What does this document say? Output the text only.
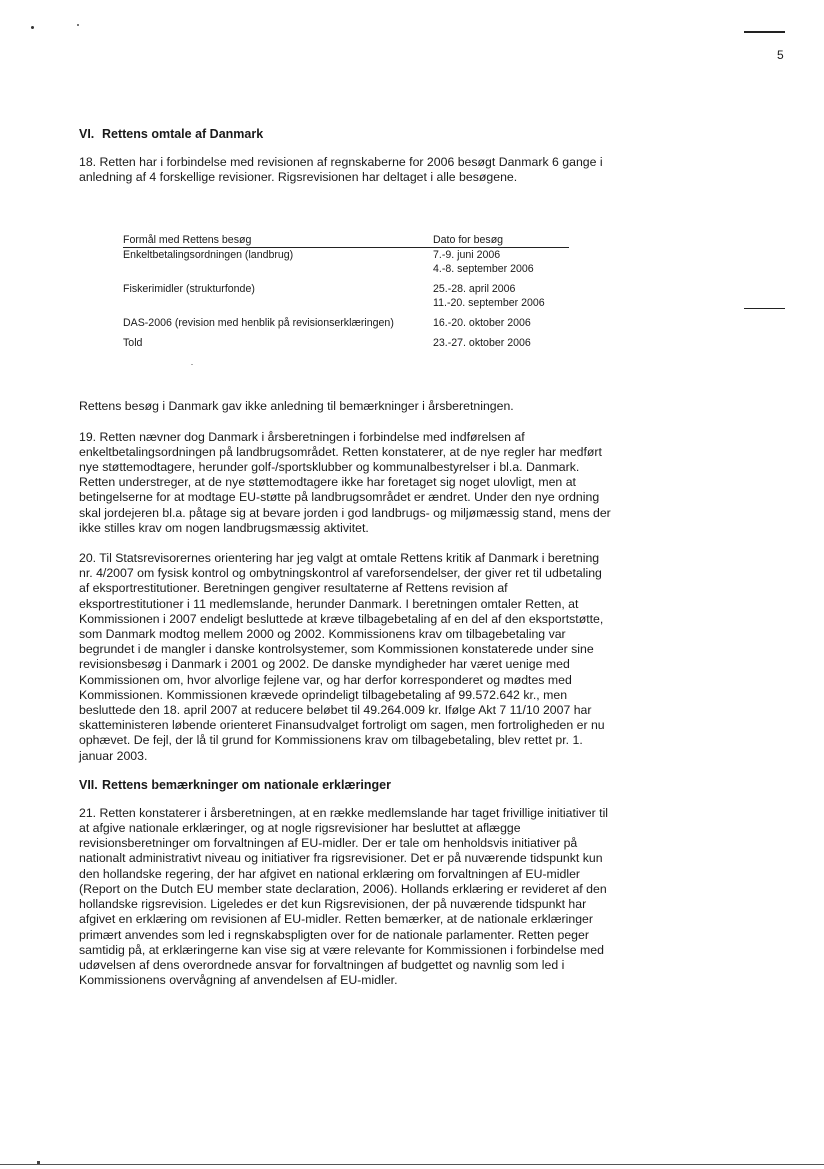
5
VI. Rettens omtale af Danmark

18. Retten har i forbindelse med revisionen af regnskaberne for 2006 besøgt Danmark 6 gange i anledning af 4 forskellige revisioner. Rigsrevisionen har deltaget i alle besøgene.

Formål med Rettens besøg	Dato for besøg
Enkeltbetalingsordningen (landbrug)	7.-9. juni 2006
4.-8. september 2006

Fiskerimidler (strukturfonde)	25.-28. april 2006
11.-20. september 2006

DAS-2006 (revision med henblik på revisionserklæringen)	16.-20. oktober 2006

Told	23.-27. oktober 2006

Rettens besøg i Danmark gav ikke anledning til bemærkninger i årsberetningen.

19. Retten nævner dog Danmark i årsberetningen i forbindelse med indførelsen af enkeltbetalingsordningen på landbrugsområdet. Retten konstaterer, at de nye regler har medført nye støttemodtagere, herunder golf-/sportsklubber og kommunalbestyrelser i bl.a. Danmark. Retten understreger, at de nye støttemodtagere ikke har foretaget sig noget ulovligt, men at betingelserne for at modtage EU-støtte på landbrugsområdet er ændret. Under den nye ordning skal jordejeren bl.a. påtage sig at bevare jorden i god landbrugs- og miljømæssig stand, mens der ikke stilles krav om nogen landbrugsmæssig aktivitet.

20. Til Statsrevisorernes orientering har jeg valgt at omtale Rettens kritik af Danmark i beretning nr. 4/2007 om fysisk kontrol og ombytningskontrol af vareforsendelser, der giver ret til udbetaling af eksportrestitutioner. Beretningen gengiver resultaterne af Rettens revision af eksportrestitutioner i 11 medlemslande, herunder Danmark. I beretningen omtaler Retten, at Kommissionen i 2007 endeligt besluttede at kræve tilbagebetaling af en del af den eksportstøtte, som Danmark modtog mellem 2000 og 2002. Kommissionens krav om tilbagebetaling var begrundet i de mangler i danske kontrolsystemer, som Kommissionen konstaterede under sine revisionsbesøg i Danmark i 2001 og 2002. De danske myndigheder har været uenige med Kommissionen om, hvor alvorlige fejlene var, og har derfor korresponderet og mødtes med Kommissionen. Kommissionen krævede oprindeligt tilbagebetaling af 99.572.642 kr., men besluttede den 18. april 2007 at reducere beløbet til 49.264.009 kr. Ifølge Akt 7 11/10 2007 har skatteministeren løbende orienteret Finansudvalget fortroligt om sagen, men fortroligheden er nu ophævet. De fejl, der lå til grund for Kommissionens krav om tilbagebetaling, blev rettet pr. 1. januar 2003.

VII. Rettens bemærkninger om nationale erklæringer

21. Retten konstaterer i årsberetningen, at en række medlemslande har taget frivillige initiativer til at afgive nationale erklæringer, og at nogle rigsrevisioner har besluttet at aflægge revisionsberetninger om forvaltningen af EU-midler. Der er tale om henholdsvis initiativer på nationalt administrativt niveau og initiativer fra rigsrevisioner. Det er på nuværende tidspunkt kun den hollandske regering, der har afgivet en national erklæring om forvaltningen af EU-midler (Report on the Dutch EU member state declaration, 2006). Hollands erklæring er revideret af den hollandske rigsrevision. Ligeledes er det kun Rigsrevisionen, der på nuværende tidspunkt har afgivet en erklæring om revisionen af EU-midler. Retten bemærker, at de nationale erklæringer primært anvendes som led i regnskabspligten over for de nationale parlamenter. Retten peger samtidig på, at erklæringerne kan vise sig at være relevante for Kommissionen i forbindelse med udøvelsen af dens overordnede ansvar for forvaltningen af budgettet og navnlig som led i Kommissionens overvågning af anvendelsen af EU-midler.
